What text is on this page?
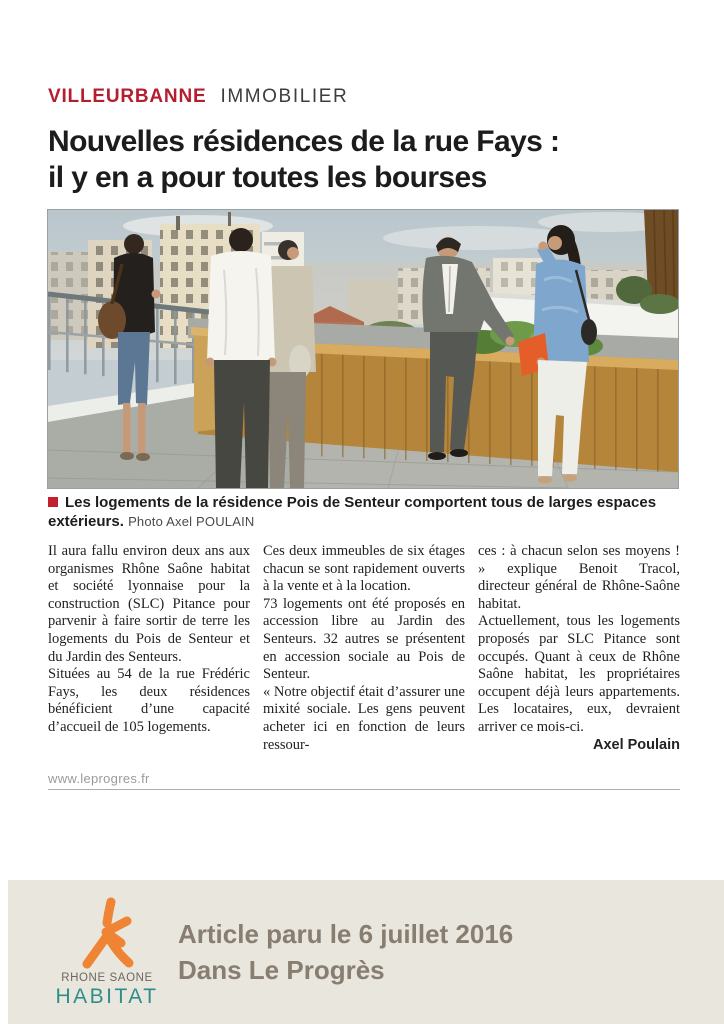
VILLEURBANNE IMMOBILIER
Nouvelles résidences de la rue Fays :
il y en a pour toutes les bourses
Les logements de la résidence Pois de Senteur comportent tous de larges espaces extérieurs. Photo Axel POULAIN

Il aura fallu environ deux ans aux organismes Rhône Saône habitat et société lyonnaise pour la construction (SLC) Pitance pour parvenir à faire sortir de terre les logements du Pois de Senteur et du Jardin des Senteurs.

Situées au 54 de la rue Frédéric Fays, les deux résidences bénéficient d’une capacité d’accueil de 105 logements.

Ces deux immeubles de six étages chacun se sont rapidement ouverts à la vente et à la location.

73 logements ont été proposés en accession libre au Jardin des Senteurs. 32 autres se présentent en accession sociale au Pois de Senteur.

« Notre objectif était d’assurer une mixité sociale. Les gens peuvent acheter ici en fonction de leurs ressour-

ces : à chacun selon ses moyens ! » explique Benoit Tracol, directeur général de Rhône-Saône habitat.

Actuellement, tous les logements proposés par SLC Pitance sont occupés. Quant à ceux de Rhône Saône habitat, les propriétaires occupent déjà leurs appartements. Les locataires, eux, devraient arriver ce mois-ci.

Axel Poulain

www.leprogres.fr
RHONE SAONE
HABITAT
Article paru le 6 juillet 2016
Dans Le Progrès
